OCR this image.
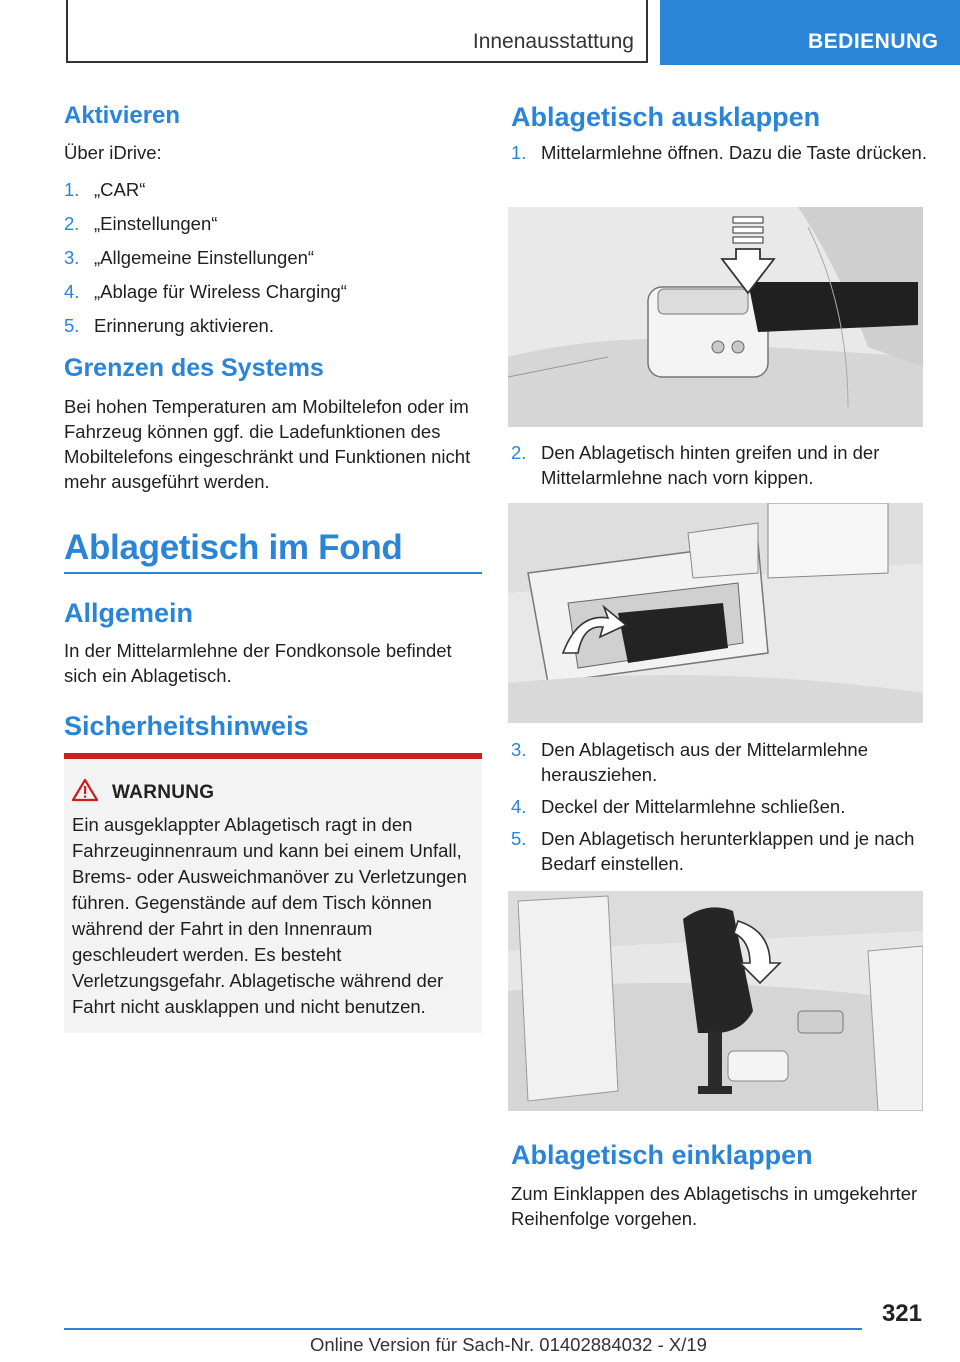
Innenausstattung	BEDIENUNG
Aktivieren

Über iDrive:

1. „CAR“
2. „Einstellungen“
3. „Allgemeine Einstellungen“
4. „Ablage für Wireless Charging“
5. Erinnerung aktivieren.
Grenzen des Systems

Bei hohen Temperaturen am Mobiltelefon oder im Fahrzeug können ggf. die Ladefunktionen des Mobiltelefons eingeschränkt und Funktionen nicht mehr ausgeführt werden.

Ablagetisch im Fond
Allgemein

In der Mittelarmlehne der Fondkonsole befindet sich ein Ablagetisch.

Sicherheitshinweis
WARNUNG

Ein ausgeklappter Ablagetisch ragt in den Fahrzeuginnenraum und kann bei einem Unfall, Brems- oder Ausweichmanöver zu Verletzungen führen. Gegenstände auf dem Tisch können während der Fahrt in den Innenraum geschleudert werden. Es besteht Verletzungsgefahr. Ablagetische während der Fahrt nicht ausklappen und nicht benutzen.

Ablagetisch ausklappen
1. Mittelarmlehne öffnen. Dazu die Taste drücken.
2. Den Ablagetisch hinten greifen und in der Mittelarmlehne nach vorn kippen.
3. Den Ablagetisch aus der Mittelarmlehne herausziehen.
4. Deckel der Mittelarmlehne schließen.
5. Den Ablagetisch herunterklappen und je nach Bedarf einstellen.
Ablagetisch einklappen

Zum Einklappen des Ablagetischs in umgekehrter Reihenfolge vorgehen.

321
Online Version für Sach-Nr. 01402884032 - X/19
